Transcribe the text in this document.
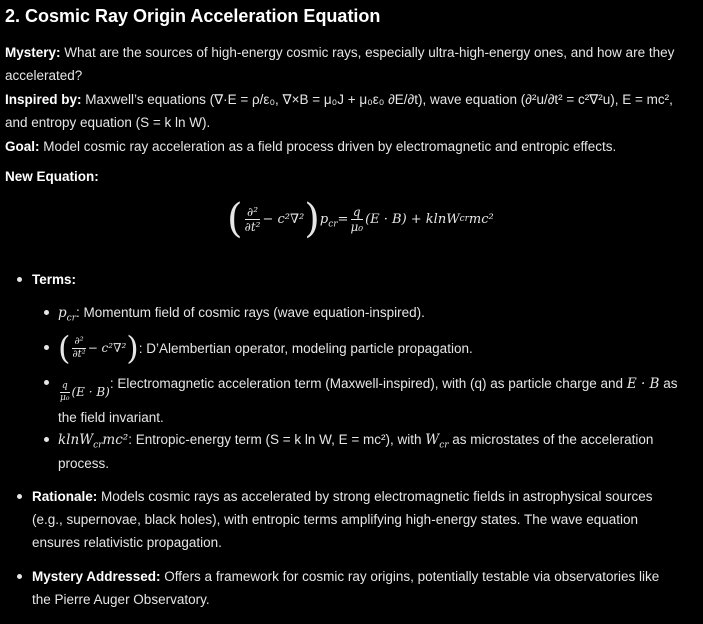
2. Cosmic Ray Origin Acceleration Equation
Mystery: What are the sources of high-energy cosmic rays, especially ultra-high-energy ones, and how are they accelerated?
Inspired by: Maxwell’s equations (∇·E = ρ/ε₀, ∇×B = μ₀J + μ₀ε₀ ∂E/∂t), wave equation (∂²u/∂t² = c²∇²u), E = mc², and entropy equation (S = k ln W).
Goal: Model cosmic ray acceleration as a field process driven by electromagnetic and entropic effects.
New Equation:
( $\frac{\text{∂²}}{\text{∂t²}} - c^2\nabla^2$ ) $p_{cr} = \frac{q}{\text{μ₀}} (E \cdot B) + klnW$ cr mc²
Terms:
$p_{cr}$: Momentum field of cosmic rays (wave equation-inspired).
( $\frac{\text{∂²}}{\text{∂t²}} - c^2\nabla^2$ ) : D’Alembertian operator, modeling particle propagation.
$\frac{q}{\text{μ₀}} (E \cdot B)$
: Electromagnetic acceleration term (Maxwell-inspired), with (q) as particle charge and E · B as
the field invariant.
klnW$_{cr}$mc²: Entropic-energy term (S = k ln W, E = mc²), with $W_{cr}$ as microstates of the acceleration
process.
Rationale: Models cosmic rays as accelerated by strong electromagnetic fields in astrophysical sources
(e.g., supernovae, black holes), with entropic terms amplifying high-energy states. The wave equation
ensures relativistic propagation.
Mystery Addressed: Offers a framework for cosmic ray origins, potentially testable via observatories like
the Pierre Auger Observatory.
